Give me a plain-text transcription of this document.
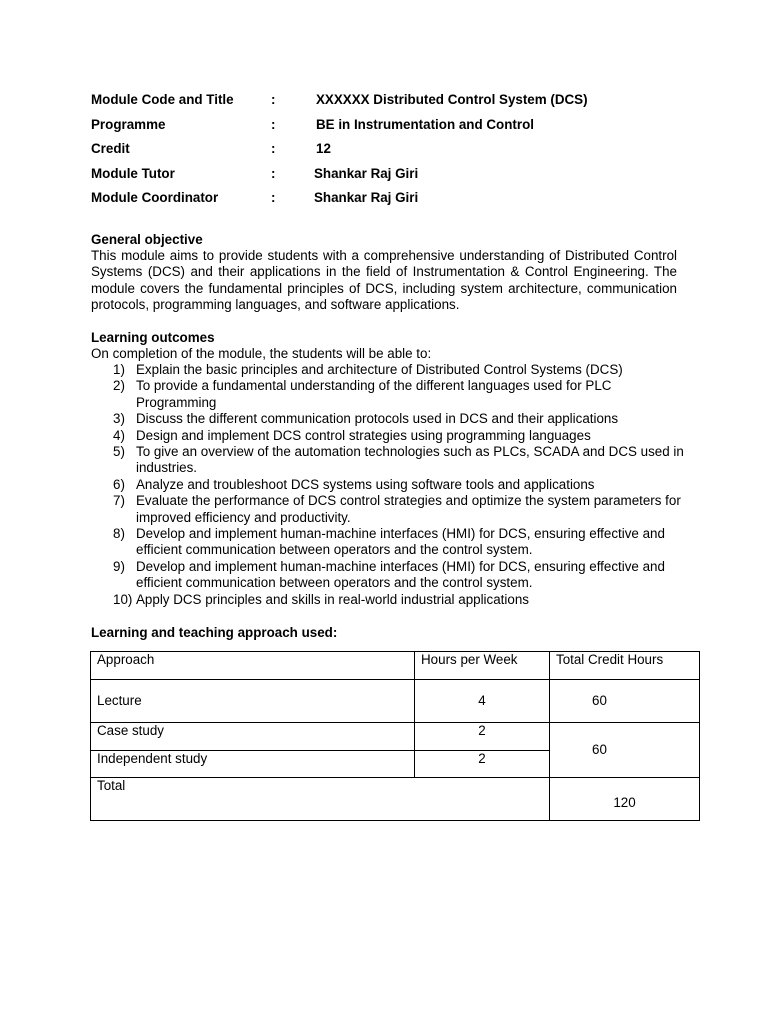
Module Code and Title	:	XXXXXX Distributed Control System (DCS)
Programme	:	BE in Instrumentation and Control
Credit	:	12
Module Tutor	:	Shankar Raj Giri
Module Coordinator	:	Shankar Raj Giri
General objective

This module aims to provide students with a comprehensive understanding of Distributed Control Systems (DCS) and their applications in the field of Instrumentation & Control Engineering. The module covers the fundamental principles of DCS, including system architecture, communication protocols, programming languages, and software applications.

Learning outcomes
On completion of the module, the students will be able to:
1) Explain the basic principles and architecture of Distributed Control Systems (DCS)
2) To provide a fundamental understanding of the different languages used for PLC Programming
3) Discuss the different communication protocols used in DCS and their applications
4) Design and implement DCS control strategies using programming languages
5) To give an overview of the automation technologies such as PLCs, SCADA and DCS used in industries.
6) Analyze and troubleshoot DCS systems using software tools and applications
7) Evaluate the performance of DCS control strategies and optimize the system parameters for improved efficiency and productivity.
8) Develop and implement human-machine interfaces (HMI) for DCS, ensuring effective and efficient communication between operators and the control system.
9) Develop and implement human-machine interfaces (HMI) for DCS, ensuring effective and efficient communication between operators and the control system.
10) Apply DCS principles and skills in real-world industrial applications
Learning and teaching approach used:
Approach	Hours per Week	Total Credit Hours
Lecture	4	60
Case study	2	60
Independent study	2	
Total		120
